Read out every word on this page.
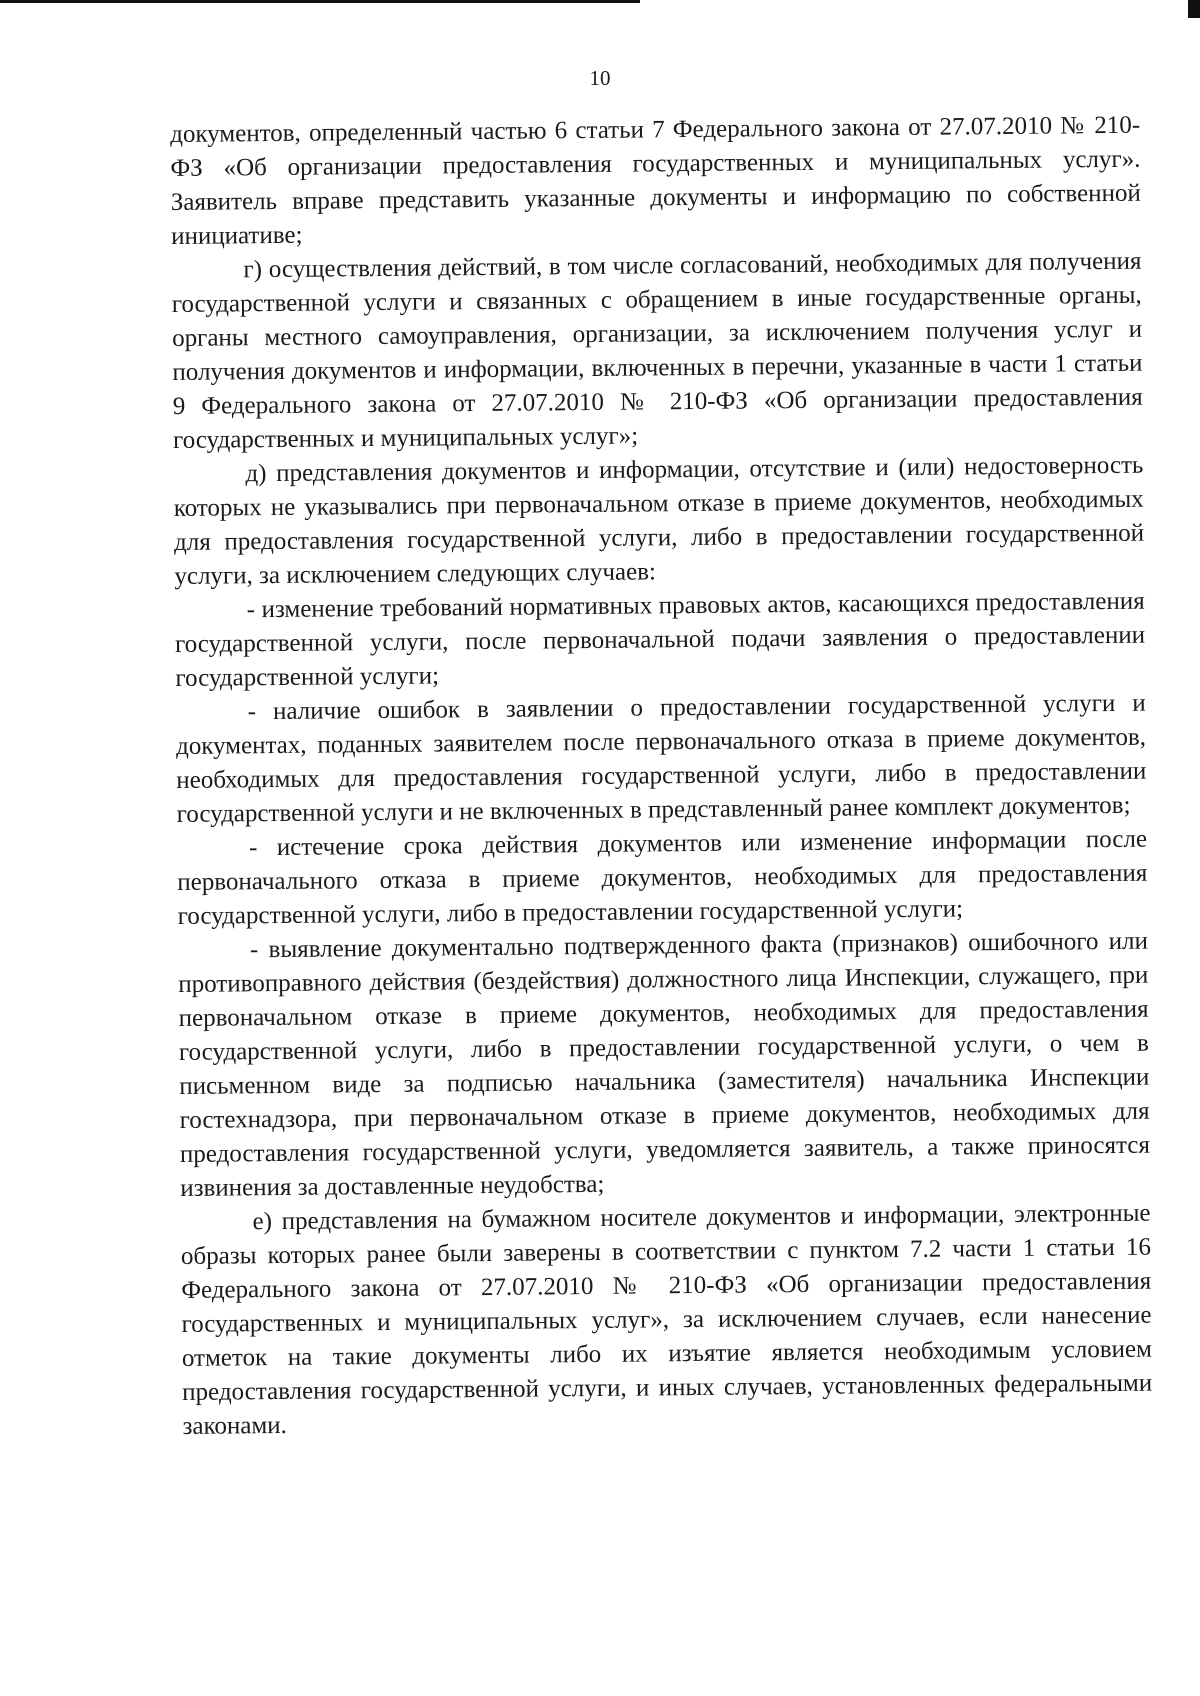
10

документов, определенный частью 6 статьи 7 Федерального закона от 27.07.2010 № 210-ФЗ «Об организации предоставления государственных и муниципальных услуг». Заявитель вправе представить указанные документы и информацию по собственной инициативе;

г) осуществления действий, в том числе согласований, необходимых для получения государственной услуги и связанных с обращением в иные государственные органы, органы местного самоуправления, организации, за исключением получения услуг и получения документов и информации, включенных в перечни, указанные в части 1 статьи 9 Федерального закона от 27.07.2010 № 210-ФЗ «Об организации предоставления государственных и муниципальных услуг»;

д) представления документов и информации, отсутствие и (или) недостоверность которых не указывались при первоначальном отказе в приеме документов, необходимых для предоставления государственной услуги, либо в предоставлении государственной услуги, за исключением следующих случаев:

- изменение требований нормативных правовых актов, касающихся предоставления государственной услуги, после первоначальной подачи заявления о предоставлении государственной услуги;

- наличие ошибок в заявлении о предоставлении государственной услуги и документах, поданных заявителем после первоначального отказа в приеме документов, необходимых для предоставления государственной услуги, либо в предоставлении государственной услуги и не включенных в представленный ранее комплект документов;

- истечение срока действия документов или изменение информации после первоначального отказа в приеме документов, необходимых для предоставления государственной услуги, либо в предоставлении государственной услуги;

- выявление документально подтвержденного факта (признаков) ошибочного или противоправного действия (бездействия) должностного лица Инспекции, служащего, при первоначальном отказе в приеме документов, необходимых для предоставления государственной услуги, либо в предоставлении государственной услуги, о чем в письменном виде за подписью начальника (заместителя) начальника Инспекции гостехнадзора, при первоначальном отказе в приеме документов, необходимых для предоставления государственной услуги, уведомляется заявитель, а также приносятся извинения за доставленные неудобства;

е) представления на бумажном носителе документов и информации, электронные образы которых ранее были заверены в соответствии с пунктом 7.2 части 1 статьи 16 Федерального закона от 27.07.2010 № 210-ФЗ «Об организации предоставления государственных и муниципальных услуг», за исключением случаев, если нанесение отметок на такие документы либо их изъятие является необходимым условием предоставления государственной услуги, и иных случаев, установленных федеральными законами.
